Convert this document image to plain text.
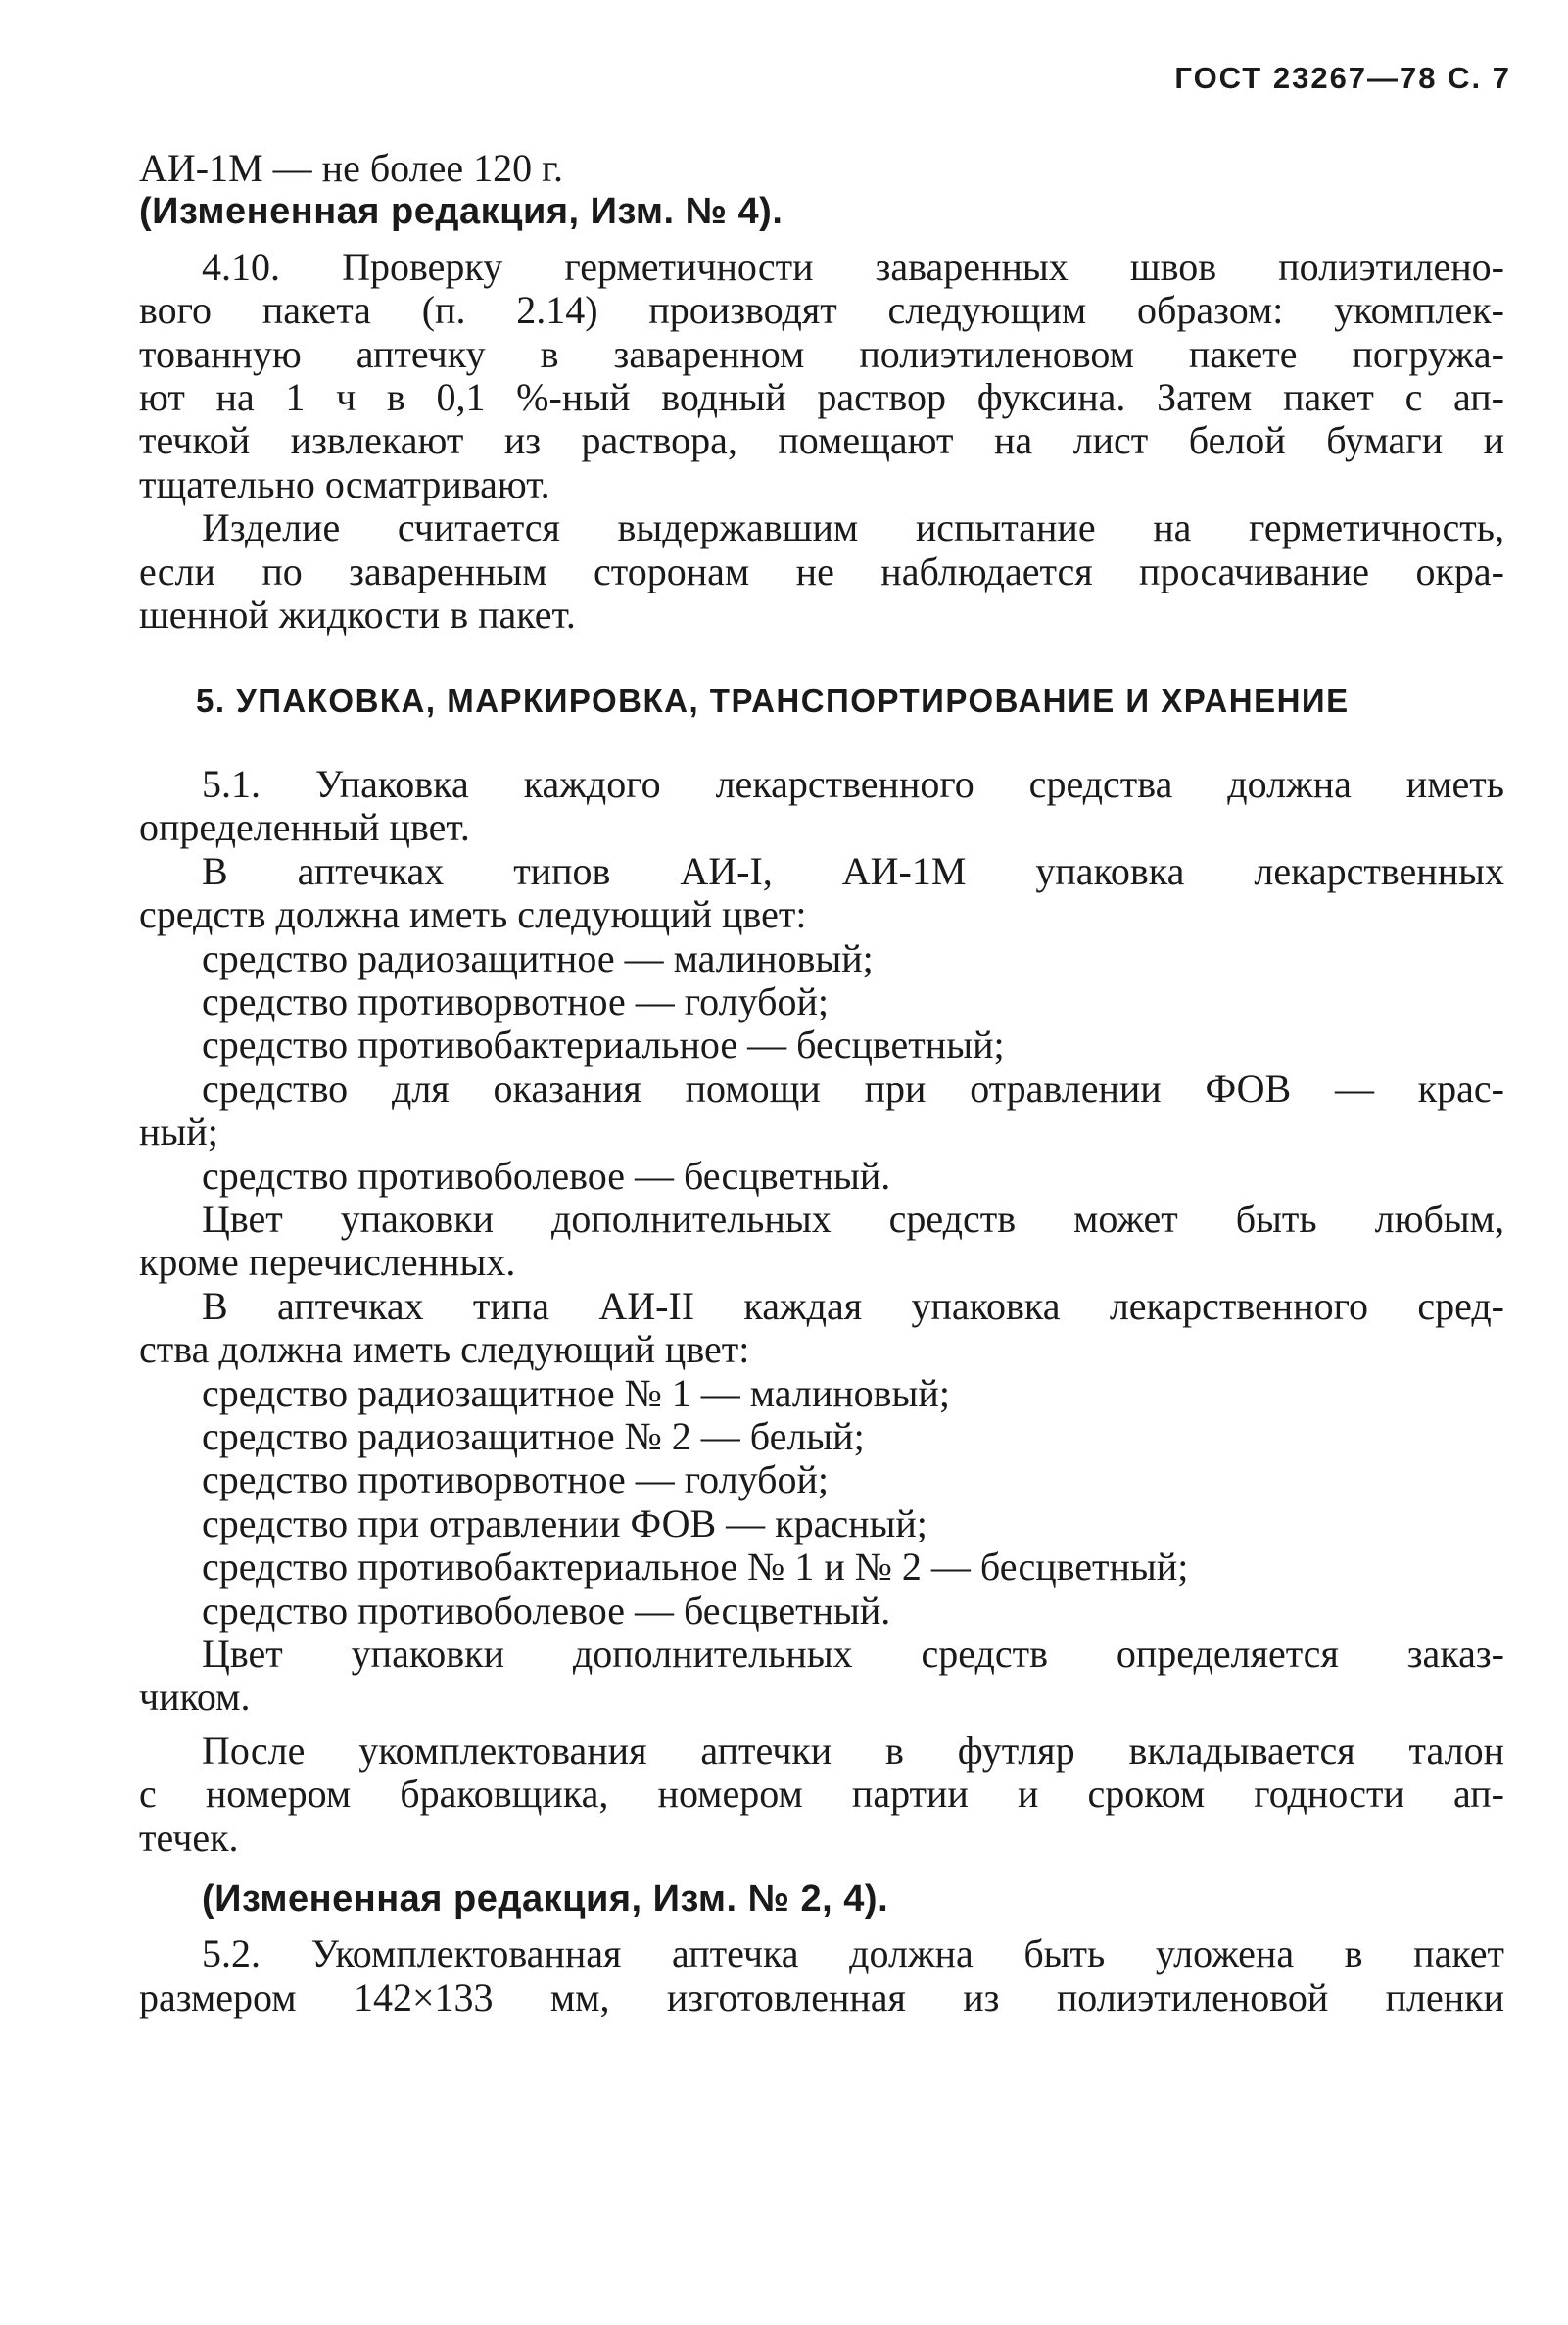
ГОСТ 23267—78 С. 7

АИ-1М — не более 120 г.

(Измененная редакция, Изм. № 4).

4.10. Проверку герметичности заваренных швов полиэтилено-

вого пакета (п. 2.14) производят следующим образом: укомплек-

тованную аптечку в заваренном полиэтиленовом пакете погружа-

ют на 1 ч в 0,1 %-ный водный раствор фуксина. Затем пакет с ап-

течкой извлекают из раствора, помещают на лист белой бумаги и

тщательно осматривают.

Изделие считается выдержавшим испытание на герметичность,

если по заваренным сторонам не наблюдается просачивание окра-

шенной жидкости в пакет.

5. УПАКОВКА, МАРКИРОВКА, ТРАНСПОРТИРОВАНИЕ И ХРАНЕНИЕ

5.1. Упаковка каждого лекарственного средства должна иметь

определенный цвет.

В аптечках типов АИ-I, АИ-1М упаковка лекарственных

средств должна иметь следующий цвет:

средство радиозащитное — малиновый;

средство противорвотное — голубой;

средство противобактериальное — бесцветный;

средство для оказания помощи при отравлении ФОВ — крас-

ный;

средство противоболевое — бесцветный.

Цвет упаковки дополнительных средств может быть любым,

кроме перечисленных.

В аптечках типа АИ-II каждая упаковка лекарственного сред-

ства должна иметь следующий цвет:

средство радиозащитное № 1 — малиновый;

средство радиозащитное № 2 — белый;

средство противорвотное — голубой;

средство при отравлении ФОВ — красный;

средство противобактериальное № 1 и № 2 — бесцветный;

средство противоболевое — бесцветный.

Цвет упаковки дополнительных средств определяется заказ-

чиком.

После укомплектования аптечки в футляр вкладывается талон

с номером браковщика, номером партии и сроком годности ап-

течек.

(Измененная редакция, Изм. № 2, 4).

5.2. Укомплектованная аптечка должна быть уложена в пакет

размером 142×133 мм, изготовленная из полиэтиленовой пленки
